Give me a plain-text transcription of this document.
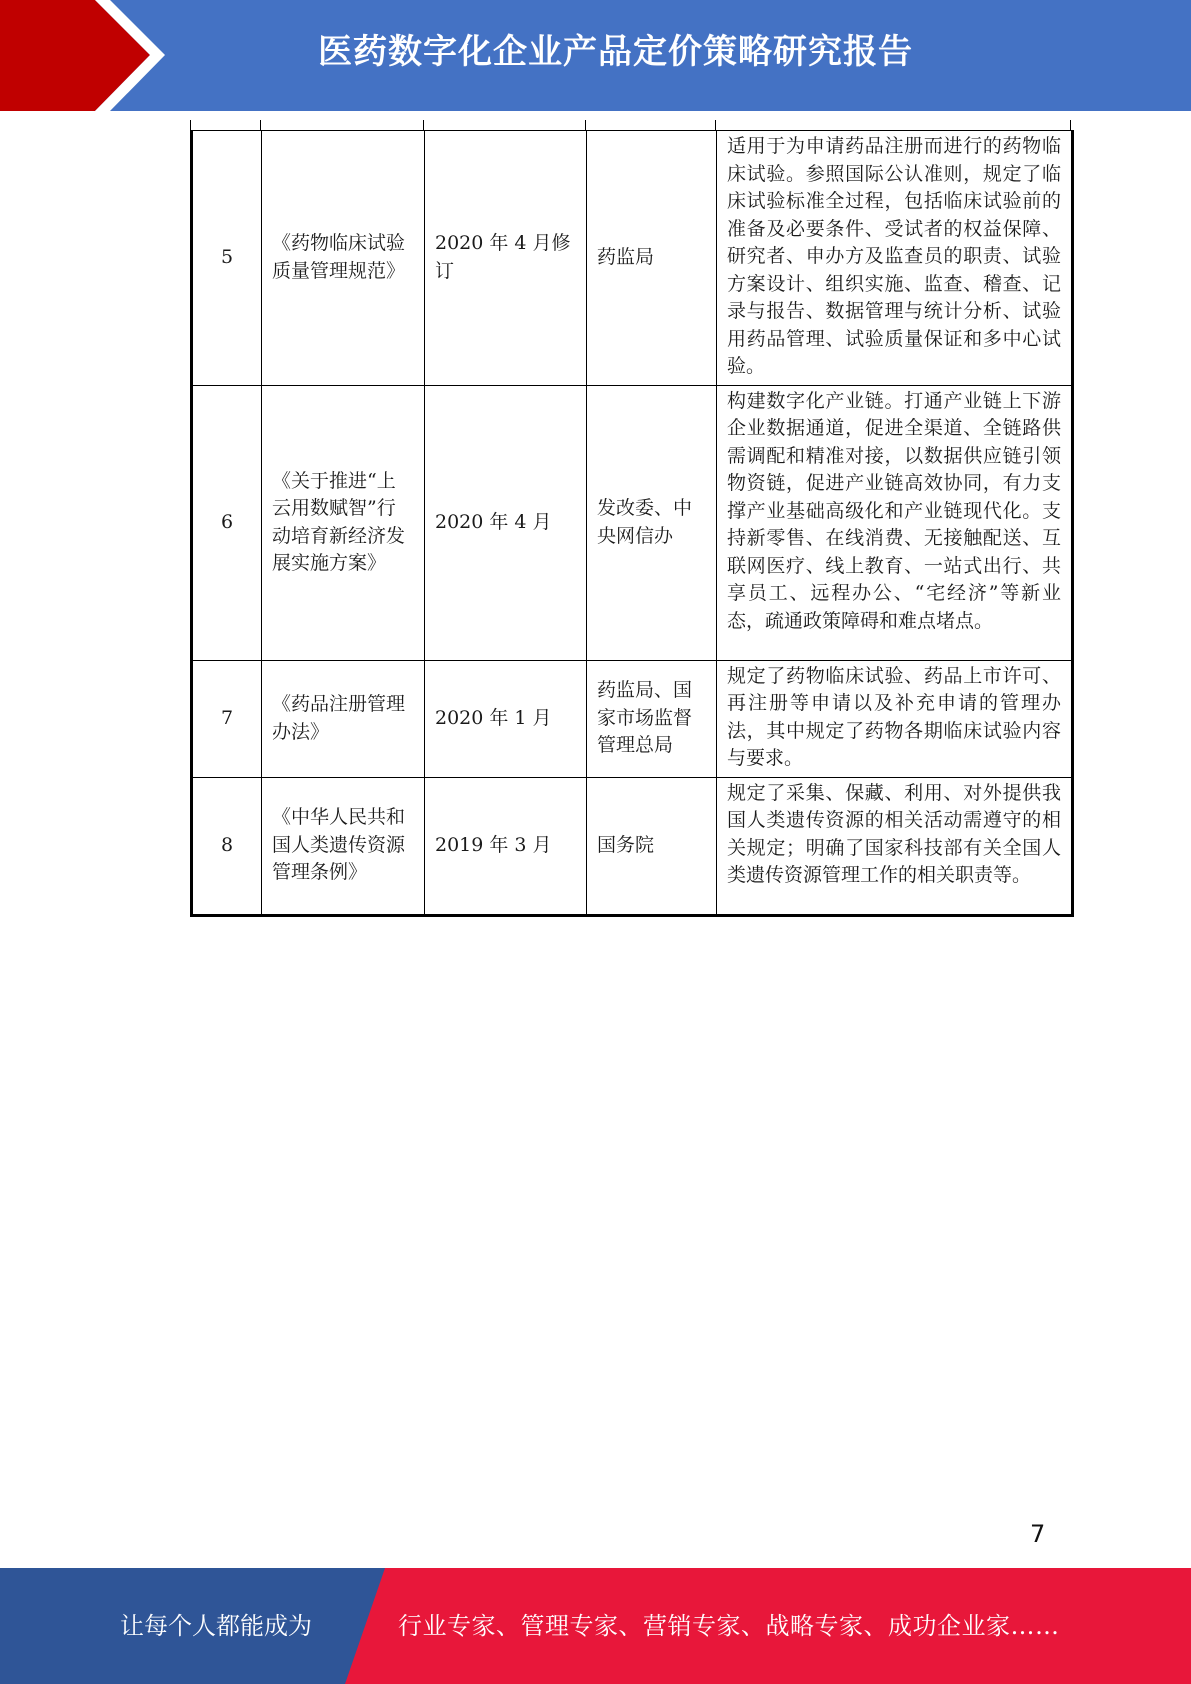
医药数字化企业产品定价策略研究报告
5	《药物临床试验质量管理规范》	2020 年 4 月修订	药监局	适用于为申请药品注册而进行的药物临床试验。参照国际公认准则，规定了临床试验标准全过程，包括临床试验前的准备及必要条件、受试者的权益保障、研究者、申办方及监查员的职责、试验方案设计、组织实施、监查、稽查、记录与报告、数据管理与统计分析、试验用药品管理、试验质量保证和多中心试验。
6	《关于推进“上云用数赋智”行动培育新经济发展实施方案》	2020 年 4 月	发改委、中央网信办	构建数字化产业链。打通产业链上下游企业数据通道，促进全渠道、全链路供需调配和精准对接，以数据供应链引领物资链，促进产业链高效协同，有力支撑产业基础高级化和产业链现代化。支持新零售、在线消费、无接触配送、互联网医疗、线上教育、一站式出行、共享员工、远程办公、“宅经济”等新业态，疏通政策障碍和难点堵点。
7	《药品注册管理办法》	2020 年 1 月	药监局、国家市场监督管理总局	规定了药物临床试验、药品上市许可、再注册等申请以及补充申请的管理办法，其中规定了药物各期临床试验内容与要求。
8	《中华人民共和国人类遗传资源管理条例》	2019 年 3 月	国务院	规定了采集、保藏、利用、对外提供我国人类遗传资源的相关活动需遵守的相关规定；明确了国家科技部有关全国人类遗传资源管理工作的相关职责等。
7
让每个人都能成为	行业专家、管理专家、营销专家、战略专家、成功企业家……
